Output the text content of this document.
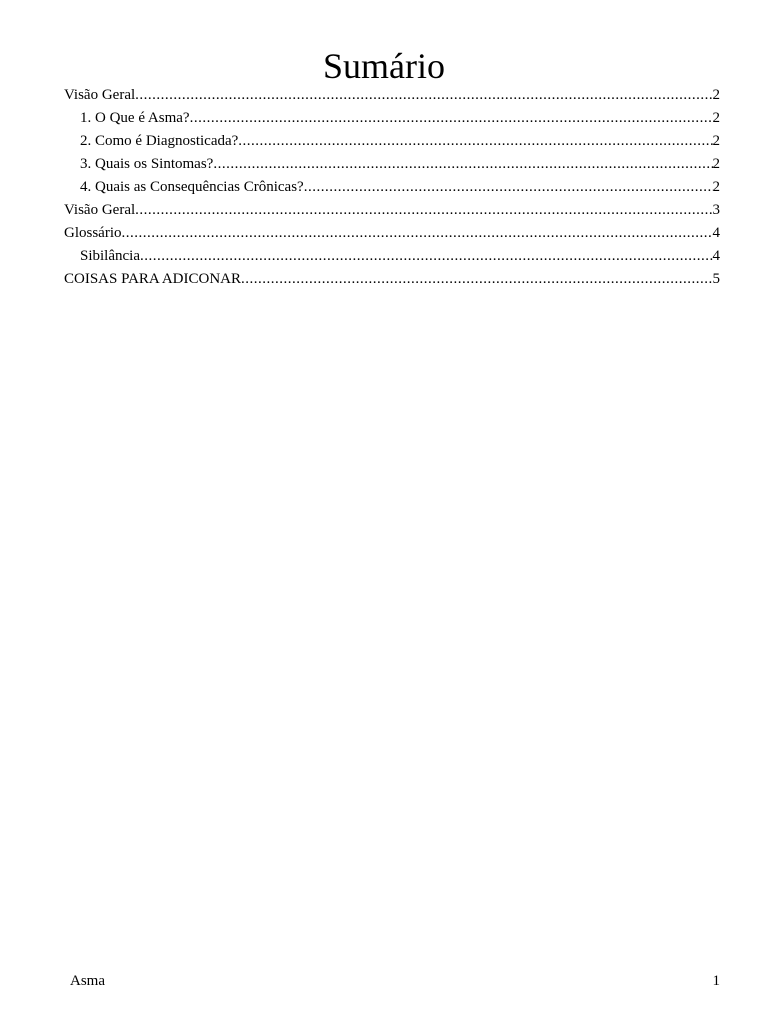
Sumário
Visão Geral .....	2
1. O Que é Asma? .....	2
2. Como é Diagnosticada? .....	2
3. Quais os Sintomas? .....	2
4. Quais as Consequências Crônicas? .....	2
Visão Geral .....	3
Glossário .....	4
Sibilância .....	4
COISAS PARA ADICONAR .....	5
Asma	1
